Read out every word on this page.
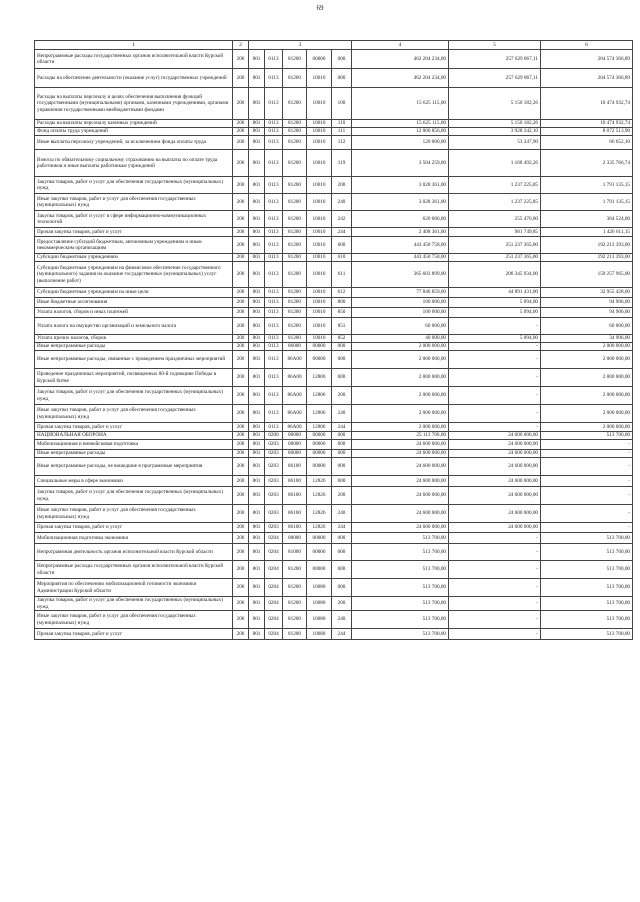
69
1	2	3					4	5	6
Непрограммные расходы государственных органов исполнительной власти Курской области	200	801	0113	81200	00000	000	462 204 234,00	257 629 867,11	204 574 366,89
Расходы на обеспечение деятельности (оказание услуг) государственных учреждений	200	801	0113	81200	10010	000	462 204 234,00	257 629 867,11	204 574 366,89
Расходы на выплаты персоналу в целях обеспечения выполнения функций государственными (муниципальными) органами, казенными учреждениями, органами управления государственными внебюджетными фондами	200	801	0113	81200	10010	100	15 625 115,00	5 150 182,26	10 474 932,74
Расходы на выплаты персоналу казенных учреждений	200	801	0113	81200	10010	110	15 625 115,00	5 150 182,26	10 474 932,74
Фонд оплаты труда учреждений	200	801	0113	81200	10010	111	12 000 856,00	3 928 342,10	8 072 513,90
Иные выплаты персоналу учреждений, за исключением фонда оплаты труда	200	801	0113	81200	10010	112	120 000,00	53 347,90	66 652,10
Взносы по обязательному социальному страхованию на выплаты по оплате труда работников и иные выплаты работникам учреждений	200	801	0113	81200	10010	119	3 504 259,00	1 168 492,26	2 335 766,74
Закупка товаров, работ и услуг для обеспечения государственных (муниципальных) нужд	200	801	0113	81200	10010	200	3 028 361,00	1 237 225,85	1 791 135,15
Иные закупки товаров, работ и услуг для обеспечения государственных (муниципальных) нужд	200	801	0113	81200	10010	240	3 028 361,00	1 237 225,85	1 791 135,15
Закупка товаров, работ и услуг в сфере информационно-коммуникационных технологий	200	801	0113	81200	10010	242	620 000,00	255 476,00	364 524,00
Прочая закупка товаров, работ и услуг	200	801	0113	81200	10010	244	2 408 361,00	981 749,85	1 426 611,15
Предоставление субсидий бюджетным, автономным учреждениям и иным некоммерческим организациям	200	801	0113	81200	10010	600	443 450 758,00	251 237 365,00	192 213 393,00
Субсидии бюджетным учреждениям	200	801	0113	81200	10010	610	443 450 758,00	251 237 365,00	192 213 393,00
Субсидии бюджетным учреждениям на финансовое обеспечение государственного (муниципального) задания на оказание государственных (муниципальных) услуг (выполнение работ)	200	801	0113	81200	10010	611	365 603 899,00	206 345 934,00	159 257 965,00
Субсидии бюджетным учреждениям на иные цели	200	801	0113	81200	10010	612	77 846 859,00	44 891 431,00	32 955 428,00
Иные бюджетные ассигнования	200	801	0113	81200	10010	800	100 000,00	5 094,00	94 906,00
Уплата налогов, сборов и иных платежей	200	801	0113	81200	10010	850	100 000,00	5 094,00	94 906,00
Уплата налога на имущество организаций и земельного налога	200	801	0113	81200	10010	851	60 000,00	-	60 000,00
Уплата прочих налогов, сборов	200	801	0113	81200	10010	852	40 000,00	5 094,00	34 906,00
Иные непрограммные расходы	200	801	0113	86000	00000	000	2 000 000,00	-	2 000 000,00
Иные непрограммные расходы, связанные с проведением праздничных мероприятий	200	801	0113	86А00	00000	000	2 000 000,00	-	2 000 000,00
Проведение праздничных мероприятий, посвященных 80-й годовщине Победы в Курской битве	200	801	0113	86А00	12806	000	2 000 000,00	-	2 000 000,00
Закупка товаров, работ и услуг для обеспечения государственных (муниципальных) нужд	200	801	0113	86А00	12806	200	2 000 000,00	-	2 000 000,00
Иные закупки товаров, работ и услуг для обеспечения государственных (муниципальных) нужд	200	801	0113	86А00	12806	240	2 000 000,00	-	2 000 000,00
Прочая закупка товаров, работ и услуг	200	801	0113	86А00	12806	244	2 000 000,00	-	2 000 000,00
НАЦИОНАЛЬНАЯ ОБОРОНА	200	801	0200	00000	00000	000	25 113 700,00	24 600 000,00	513 700,00
Мобилизационная и вневойсковая подготовка	200	801	0203	00000	00000	000	24 600 000,00	24 600 000,00	-
Иные непрограммные расходы	200	801	0203	86000	00000	000	24 600 000,00	24 600 000,00	-
Иные непрограммные расходы, не вошедшие в программные мероприятия	200	801	0203	86100	00000	000	24 600 000,00	24 600 000,00	-
Специальные меры в сфере экономики	200	801	0203	86100	12826	000	24 600 000,00	24 600 000,00	-
Закупка товаров, работ и услуг для обеспечения государственных (муниципальных) нужд	200	801	0203	86100	12826	200	24 600 000,00	24 600 000,00	-
Иные закупки товаров, работ и услуг для обеспечения государственных (муниципальных) нужд	200	801	0203	86100	12826	240	24 600 000,00	24 600 000,00	-
Прочая закупка товаров, работ и услуг	200	801	0203	86100	12826	244	24 600 000,00	24 600 000,00	-
Мобилизационная подготовка экономики	200	801	0204	00000	00000	000	513 700,00	-	513 700,00
Непрограммная деятельность органов исполнительной власти Курской области	200	801	0204	81000	00000	000	513 700,00	-	513 700,00
Непрограммные расходы государственных органов исполнительной власти Курской области	200	801	0204	81200	00000	000	513 700,00	-	513 700,00
Мероприятия по обеспечению мобилизационной готовности экономики Администрации Курской области	200	801	0204	81200	10080	000	513 700,00	-	513 700,00
Закупка товаров, работ и услуг для обеспечения государственных (муниципальных) нужд	200	801	0204	81200	10080	200	513 700,00	-	513 700,00
Иные закупки товаров, работ и услуг для обеспечения государственных (муниципальных) нужд	200	801	0204	81200	10080	240	513 700,00	-	513 700,00
Прочая закупка товаров, работ и услуг	200	801	0204	81200	10080	244	513 700,00	-	513 700,00
